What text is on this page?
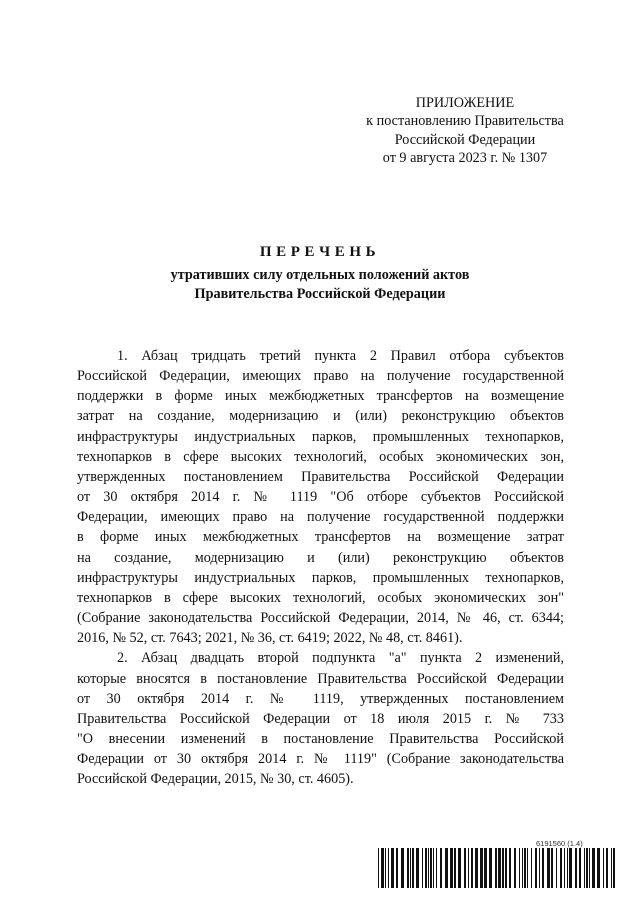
ПРИЛОЖЕНИЕ
к постановлению Правительства
Российской Федерации
от 9 августа 2023 г. № 1307
ПЕРЕЧЕНЬ
утративших силу отдельных положений актов
Правительства Российской Федерации
1. Абзац тридцать третий пункта 2 Правил отбора субъектов
Российской Федерации, имеющих право на получение государственной
поддержки в форме иных межбюджетных трансфертов на возмещение
затрат на создание, модернизацию и (или) реконструкцию объектов
инфраструктуры индустриальных парков, промышленных технопарков,
технопарков в сфере высоких технологий, особых экономических зон,
утвержденных постановлением Правительства Российской Федерации
от 30 октября 2014 г. № 1119 "Об отборе субъектов Российской
Федерации, имеющих право на получение государственной поддержки
в форме иных межбюджетных трансфертов на возмещение затрат
на создание, модернизацию и (или) реконструкцию объектов
инфраструктуры индустриальных парков, промышленных технопарков,
технопарков в сфере высоких технологий, особых экономических зон"
(Собрание законодательства Российской Федерации, 2014, № 46, ст. 6344;
2016, № 52, ст. 7643; 2021, № 36, ст. 6419; 2022, № 48, ст. 8461).
2. Абзац двадцать второй подпункта "а" пункта 2 изменений,
которые вносятся в постановление Правительства Российской Федерации
от 30 октября 2014 г. № 1119, утвержденных постановлением
Правительства Российской Федерации от 18 июля 2015 г. № 733
"О внесении изменений в постановление Правительства Российской
Федерации от 30 октября 2014 г. № 1119" (Собрание законодательства
Российской Федерации, 2015, № 30, ст. 4605).
6191560 (1.4)
